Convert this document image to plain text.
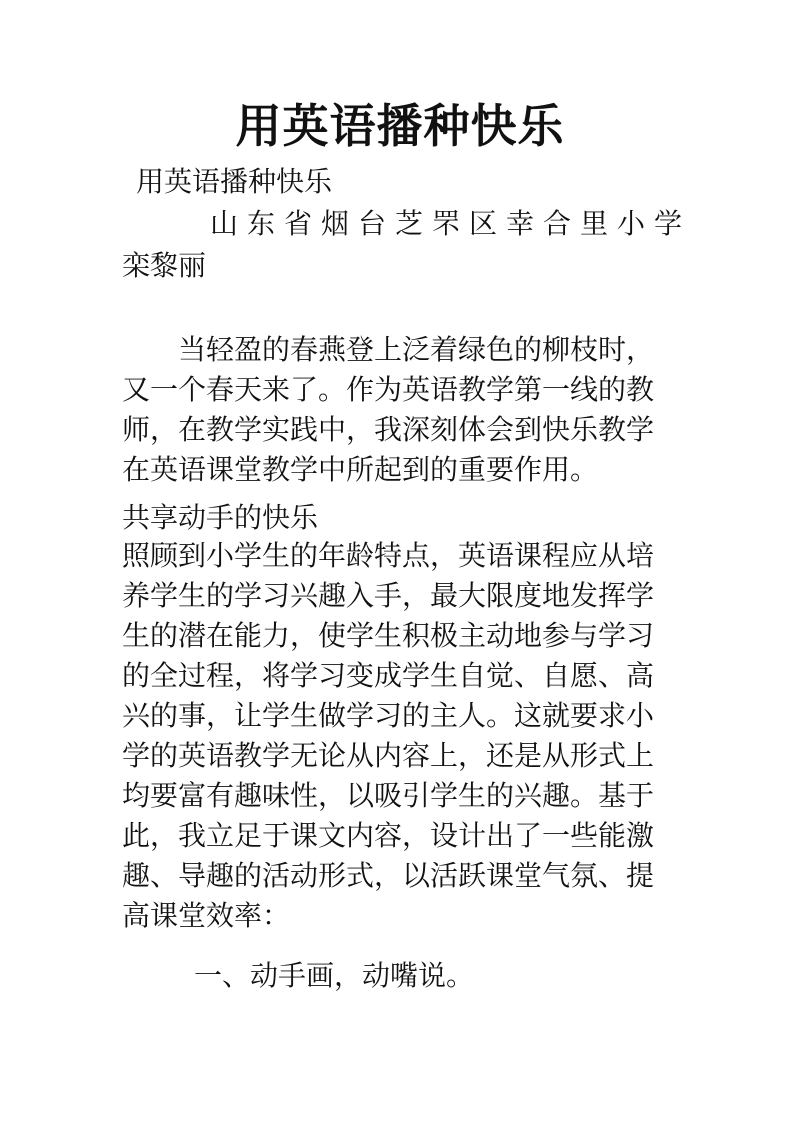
用英语播种快乐
用英语播种快乐
山东省烟台芝罘区幸合里小学
栾黎丽
当轻盈的春燕登上泛着绿色的柳枝时，
又一个春天来了。作为英语教学第一线的教
师，在教学实践中，我深刻体会到快乐教学
在英语课堂教学中所起到的重要作用。
共享动手的快乐
照顾到小学生的年龄特点，英语课程应从培
养学生的学习兴趣入手，最大限度地发挥学
生的潜在能力，使学生积极主动地参与学习
的全过程，将学习变成学生自觉、自愿、高
兴的事，让学生做学习的主人。这就要求小
学的英语教学无论从内容上，还是从形式上
均要富有趣味性，以吸引学生的兴趣。基于
此，我立足于课文内容，设计出了一些能激
趣、导趣的活动形式，以活跃课堂气氛、提
高课堂效率：
一、动手画，动嘴说。
